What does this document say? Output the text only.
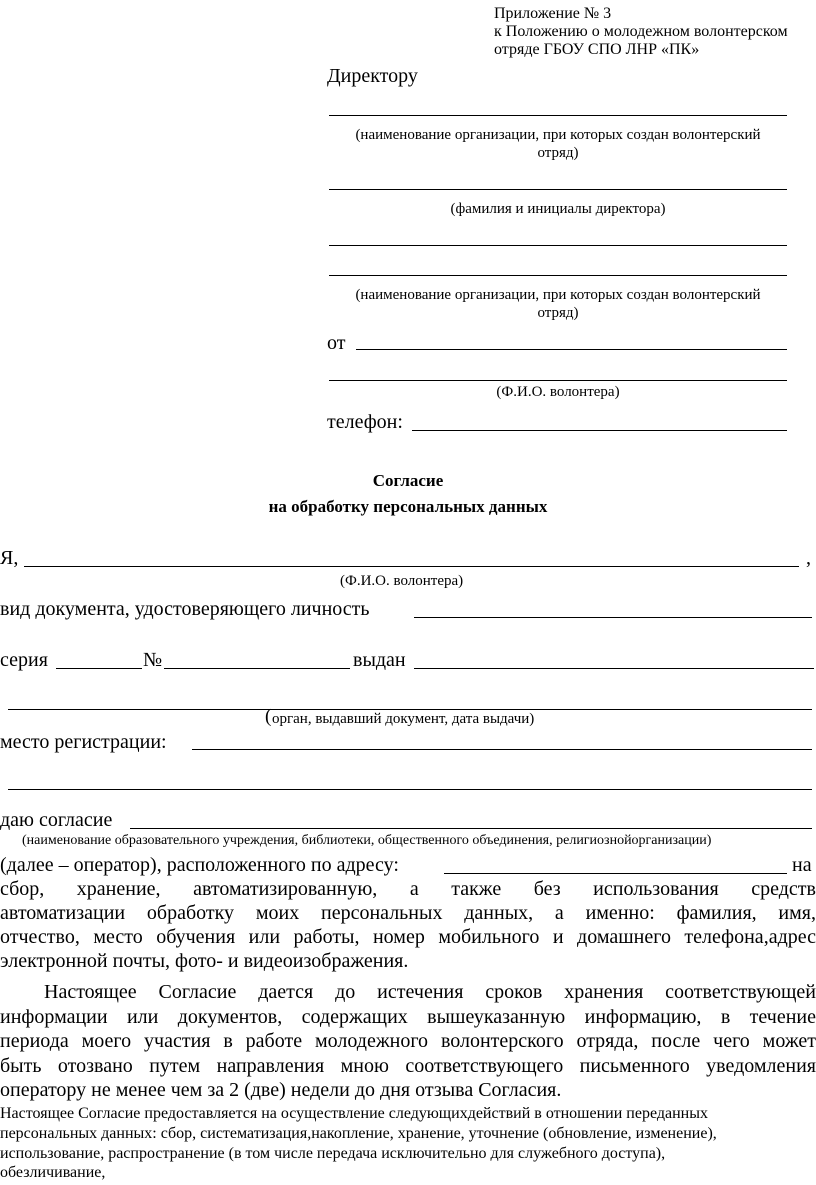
Приложение № 3
к Положению о молодежном волонтерском
отряде ГБОУ СПО ЛНР «ПК»
Директору
(наименование организации, при которых создан волонтерский
отряд)
(фамилия и инициалы директора)
(наименование организации, при которых создан волонтерский
отряд)
от
(Ф.И.О. волонтера)
телефон:
Согласие
на обработку персональных данных
Я,	,
(Ф.И.О. волонтера)
вид документа, удостоверяющего личность
серия	№	выдан
( орган, выдавший документ, дата выдачи)
место регистрации:
даю согласие
(наименование образовательного учреждения, библиотеки, общественного объединения, религиознойорганизации)
(далее – оператор), расположенного по адресу:	на
сбор, хранение, автоматизированную, а также без использования средств
автоматизации обработку моих персональных данных, а именно: фамилия, имя,
отчество, место обучения или работы, номер мобильного и домашнего телефона,адрес
электронной почты, фото- и видеоизображения.
Настоящее Согласие дается до истечения сроков хранения соответствующей
информации или документов, содержащих вышеуказанную информацию, в течение
периода моего участия в работе молодежного волонтерского отряда, после чего может
быть отозвано путем направления мною соответствующего письменного уведомления
оператору не менее чем за 2 (две) недели до дня отзыва Согласия.
Настоящее Согласие предоставляется на осуществление следующихдействий в отношении переданных
персональных данных: сбор, систематизация,накопление, хранение, уточнение (обновление, изменение),
использование, распространение (в том числе передача исключительно для служебного доступа),
обезличивание,
